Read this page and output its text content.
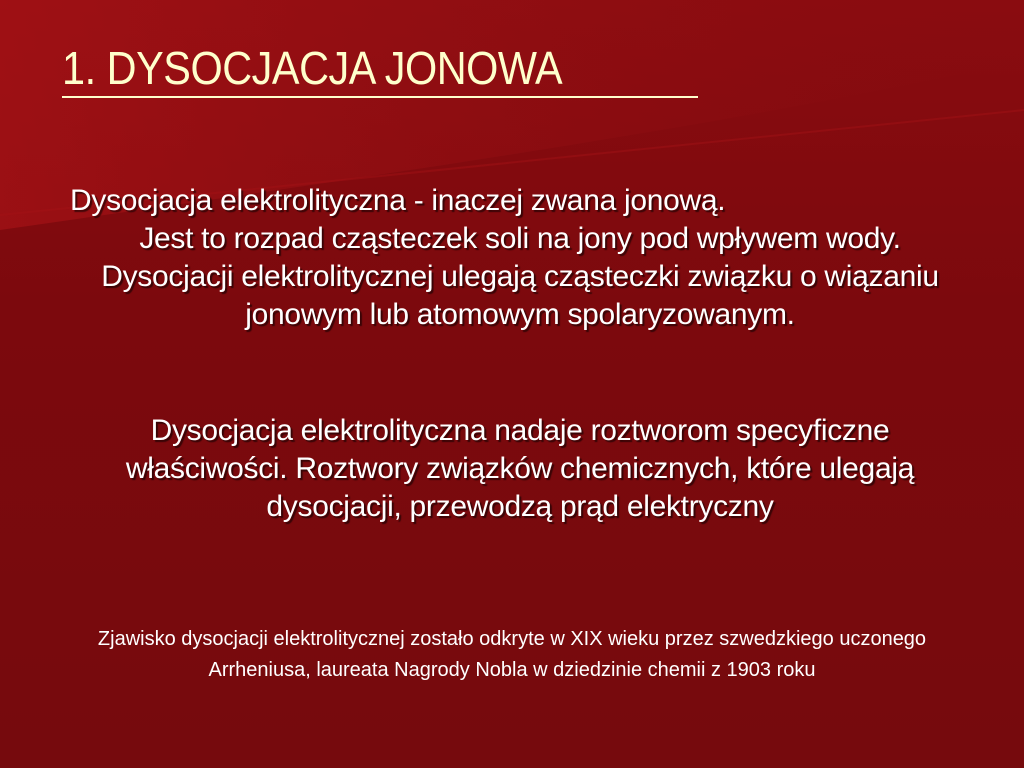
1. DYSOCJACJA JONOWA

Dysocjacja elektrolityczna - inaczej zwana jonową.
Jest to rozpad cząsteczek soli na jony pod wpływem wody. Dysocjacji elektrolitycznej ulegają cząsteczki związku o wiązaniu jonowym lub atomowym spolaryzowanym.

Dysocjacja elektrolityczna nadaje roztworom specyficzne właściwości. Roztwory związków chemicznych, które ulegają dysocjacji, przewodzą prąd elektryczny

Zjawisko dysocjacji elektrolitycznej zostało odkryte w XIX wieku przez szwedzkiego uczonego Arrheniusa, laureata Nagrody Nobla w dziedzinie chemii z 1903 roku
